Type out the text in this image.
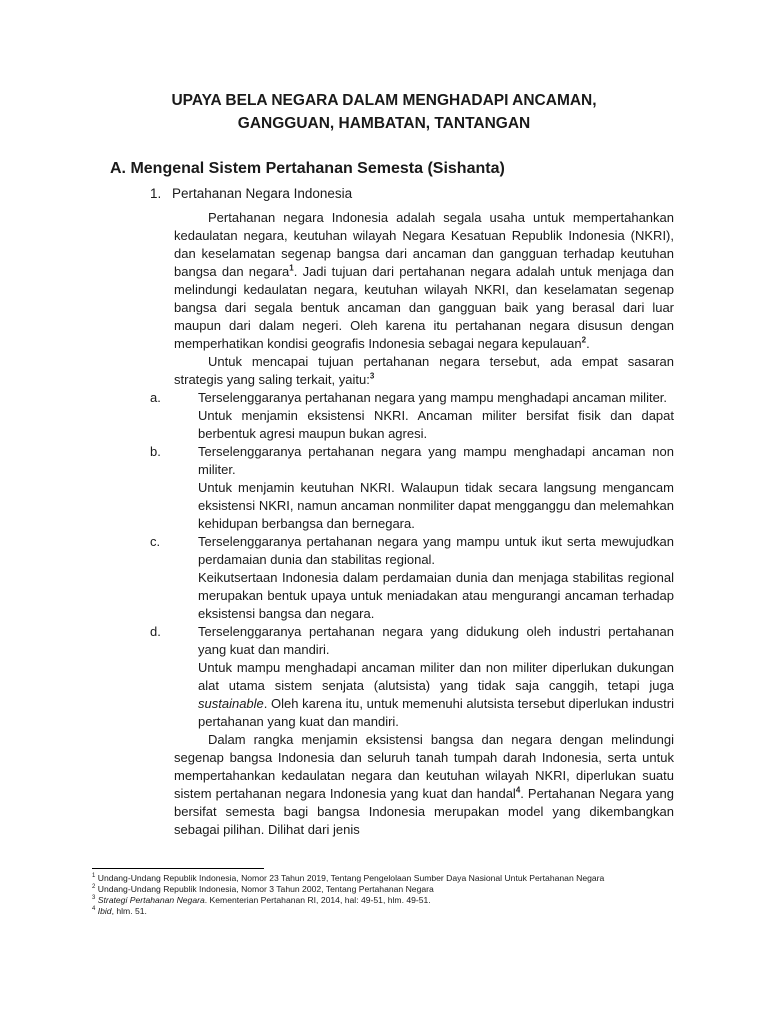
UPAYA BELA NEGARA DALAM MENGHADAPI ANCAMAN,
GANGGUAN, HAMBATAN, TANTANGAN
A. Mengenal Sistem Pertahanan Semesta (Sishanta)
1. Pertahanan Negara Indonesia

Pertahanan negara Indonesia adalah segala usaha untuk mempertahankan kedaulatan negara, keutuhan wilayah Negara Kesatuan Republik Indonesia (NKRI), dan keselamatan segenap bangsa dari ancaman dan gangguan terhadap keutuhan bangsa dan negara$^1$. Jadi tujuan dari pertahanan negara adalah untuk menjaga dan melindungi kedaulatan negara, keutuhan wilayah NKRI, dan keselamatan segenap bangsa dari segala bentuk ancaman dan gangguan baik yang berasal dari luar maupun dari dalam negeri. Oleh karena itu pertahanan negara disusun dengan memperhatikan kondisi geografis Indonesia sebagai negara kepulauan$^2$.

Untuk mencapai tujuan pertahanan negara tersebut, ada empat sasaran strategis yang saling terkait, yaitu:$^3$

a.	Terselenggaranya pertahanan negara yang mampu menghadapi ancaman militer.

Untuk menjamin eksistensi NKRI. Ancaman militer bersifat fisik dan dapat berbentuk agresi maupun bukan agresi.

b.	Terselenggaranya pertahanan negara yang mampu menghadapi ancaman non militer.

Untuk menjamin keutuhan NKRI. Walaupun tidak secara langsung mengancam eksistensi NKRI, namun ancaman nonmiliter dapat mengganggu dan melemahkan kehidupan berbangsa dan bernegara.

c.	Terselenggaranya pertahanan negara yang mampu untuk ikut serta mewujudkan perdamaian dunia dan stabilitas regional.

Keikutsertaan Indonesia dalam perdamaian dunia dan menjaga stabilitas regional merupakan bentuk upaya untuk meniadakan atau mengurangi ancaman terhadap eksistensi bangsa dan negara.

d.	Terselenggaranya pertahanan negara yang didukung oleh industri pertahanan yang kuat dan mandiri.

Untuk mampu menghadapi ancaman militer dan non militer diperlukan dukungan alat utama sistem senjata (alutsista) yang tidak saja canggih, tetapi juga sustainable. Oleh karena itu, untuk memenuhi alutsista tersebut diperlukan industri pertahanan yang kuat dan mandiri.

Dalam rangka menjamin eksistensi bangsa dan negara dengan melindungi segenap bangsa Indonesia dan seluruh tanah tumpah darah Indonesia, serta untuk mempertahankan kedaulatan negara dan keutuhan wilayah NKRI, diperlukan suatu sistem pertahanan negara Indonesia yang kuat dan handal$^4$. Pertahanan Negara yang bersifat semesta bagi bangsa Indonesia merupakan model yang dikembangkan sebagai pilihan. Dilihat dari jenis

$^1$ Undang-Undang Republik Indonesia, Nomor 23 Tahun 2019, Tentang Pengelolaan Sumber Daya Nasional Untuk Pertahanan Negara

$^2$ Undang-Undang Republik Indonesia, Nomor 3 Tahun 2002, Tentang Pertahanan Negara

$^3$ Strategi Pertahanan Negara. Kementerian Pertahanan RI, 2014, hal: 49-51, hlm. 49-51.

$^4$ Ibid, hlm. 51.
